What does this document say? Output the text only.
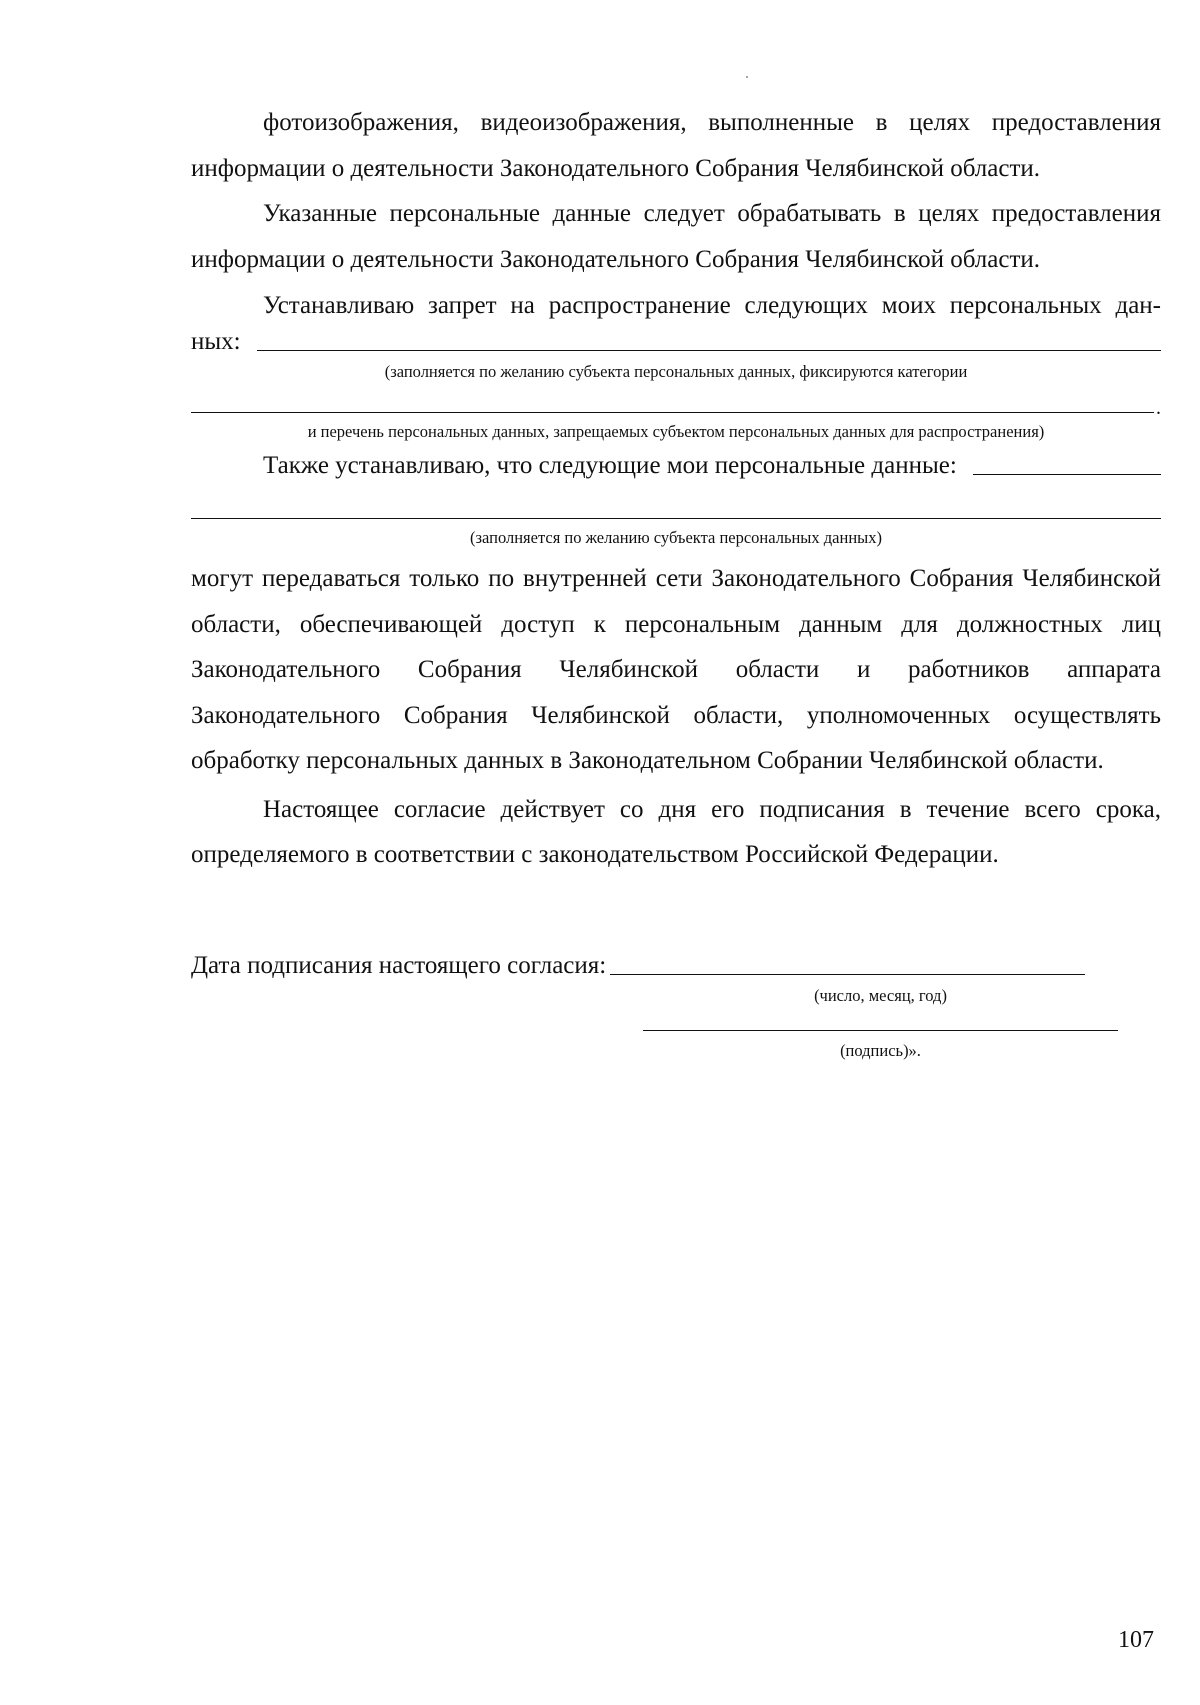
фотоизображения, видеоизображения, выполненные в целях предоставления информации о деятельности Законодательного Собрания Челябинской области.

Указанные персональные данные следует обрабатывать в целях предоставления информации о деятельности Законодательного Собрания Челябинской области.

Устанавливаю запрет на распространение следующих моих персональных дан-

ных:

(заполняется по желанию субъекта персональных данных, фиксируются категории

.

и перечень персональных данных, запрещаемых субъектом персональных данных для распространения)

Также устанавливаю, что следующие мои персональные данные:

(заполняется по желанию субъекта персональных данных)

могут передаваться только по внутренней сети Законодательного Собрания Челябинской области, обеспечивающей доступ к персональным данным для должностных лиц Законодательного Собрания Челябинской области и работников аппарата Законодательного Собрания Челябинской области, уполномоченных осуществлять обработку персональных данных в Законодательном Собрании Челябинской области.

Настоящее согласие действует со дня его подписания в течение всего срока, определяемого в соответствии с законодательством Российской Федерации.

Дата подписания настоящего согласия:
(число, месяц, год)
(подпись)».
107
